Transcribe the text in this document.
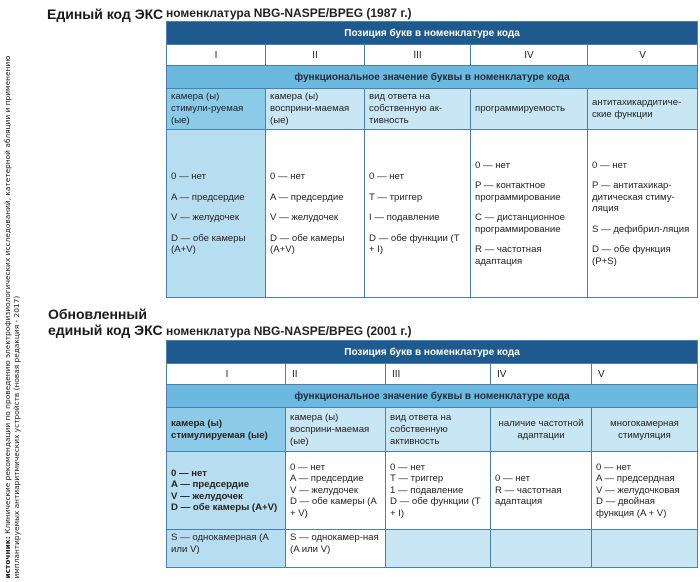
источник: Клинические рекомендации по проведению электрофизиологических исследований, катетерной абляции и применению имплантируемых антиаритмических устройств (новая редакция - 2017)
Единый код ЭКС номенклатура NBG-NASPE/BPEG (1987 г.)
Позиция букв в номенклатуре кода				
I	II	III	IV	V
функциональное значение буквы в номенклатуре кода				
камера (ы) стимули-руемая (ые)	камера (ы) восприни-маемая (ые)	вид ответа на собственную ак-тивность	программируемость	антитахикардитиче-ские функции

0 — нет
A — предсердие
V — желудочек
D — обе камеры (A+V)	0 — нет
A — предсердие
V — желудочек
D — обе камеры (A+V)	0 — нет
T — триггер
I — подавление
D — обе функции (T + I)	0 — нет
P — контактное программирование
C — дистанционное программирование
R — частотная адаптация	0 — нет
P — антитахикар-дитическая стиму-ляция
S — дефибрил-ляция
D — обе функция (P+S)
Обновленный
единый код ЭКС номенклатура NBG-NASPE/BPEG (2001 г.)
Позиция букв в номенклатуре кода				
I	II	III	IV	V
функциональное значение буквы в номенклатуре кода				
камера (ы) стимулируемая (ые)	камера (ы) восприни-маемая (ые)	вид ответа на собственную активность	наличие частотной адаптации	многокамерная стимуляция

0 — нет
A — предсердие
V — желудочек
D — обе камеры (A+V)	0 — нет
A — предсердие
V — желудочек
D — обе камеры (A + V)	0 — нет
T — триггер
1 — подавление
D — обе функции (T + I)	0 — нет
R — частотная адаптация	0 — нет
A — предсердная
V — желудочковая
D — двойная функция (A + V)

S — однокамерная (A или V)	S — однокамер-ная (A или V)			
